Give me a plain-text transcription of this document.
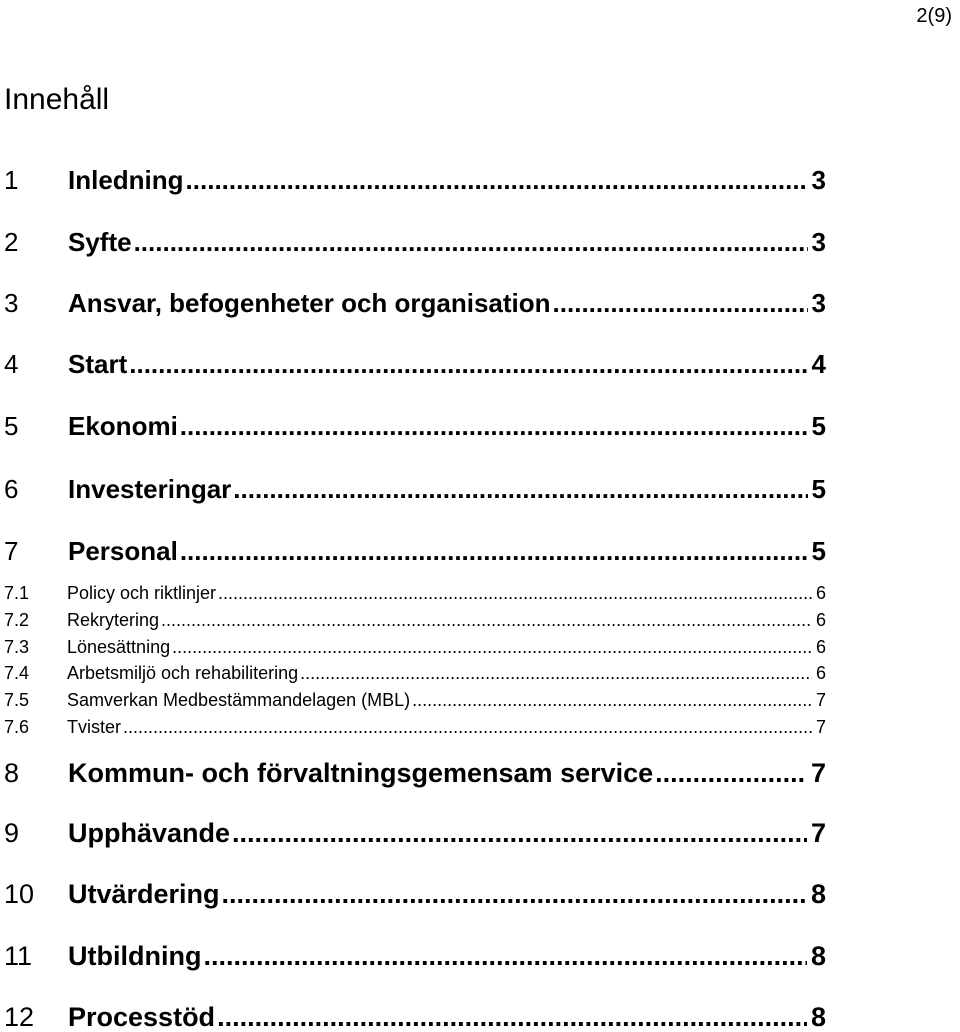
2(9)
Innehåll
1	Inledning .....	3
2	Syfte .....	3
3	Ansvar, befogenheter och organisation .....	3
4	Start .....	4
5	Ekonomi .....	5
6	Investeringar .....	5
7	Personal .....	5
7.1	Policy och riktlinjer .....	6
7.2	Rekrytering .....	6
7.3	Lönesättning .....	6
7.4	Arbetsmiljö och rehabilitering .....	6
7.5	Samverkan Medbestämmandelagen (MBL) .....	7
7.6	Tvister .....	7
8	Kommun- och förvaltningsgemensam service .....	7
9	Upphävande .....	7
10	Utvärdering .....	8
11	Utbildning .....	8
12	Processtöd .....	8
